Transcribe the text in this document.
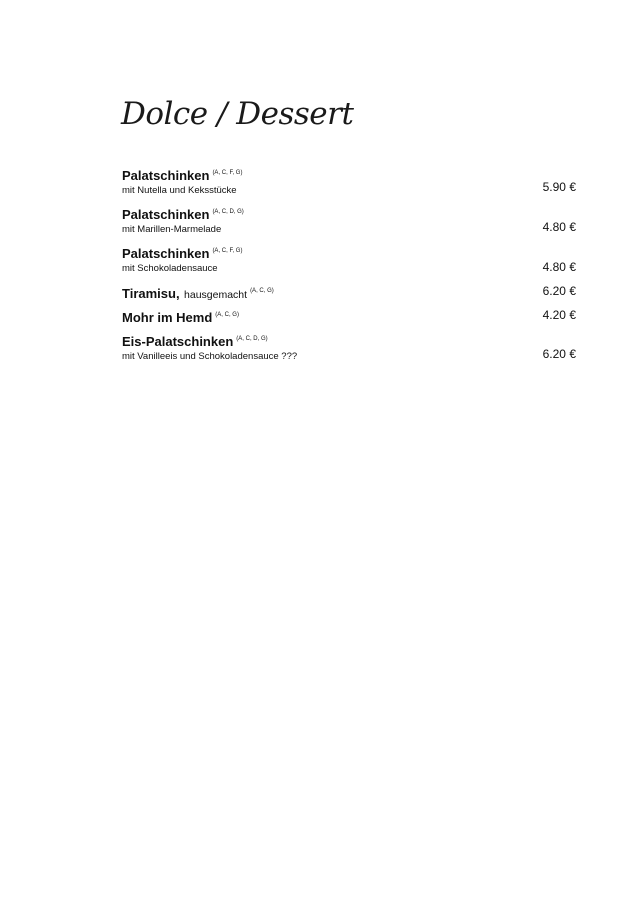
Dolce / Dessert
Palatschinken $^{(A, C, F, G)}$
mit Nutella und Keksstücke	5.90 €
Palatschinken $^{(A, C, D, G)}$
mit Marillen-Marmelade	4.80 €
Palatschinken $^{(A, C, F, G)}$
mit Schokoladensauce	4.80 €
Tiramisu, hausgemacht $^{(A, C, G)}$	6.20 €
Mohr im Hemd $^{(A, C, G)}$	4.20 €
Eis-Palatschinken $^{(A, C, D, G)}$
mit Vanilleeis und Schokoladensauce ???	6.20 €
